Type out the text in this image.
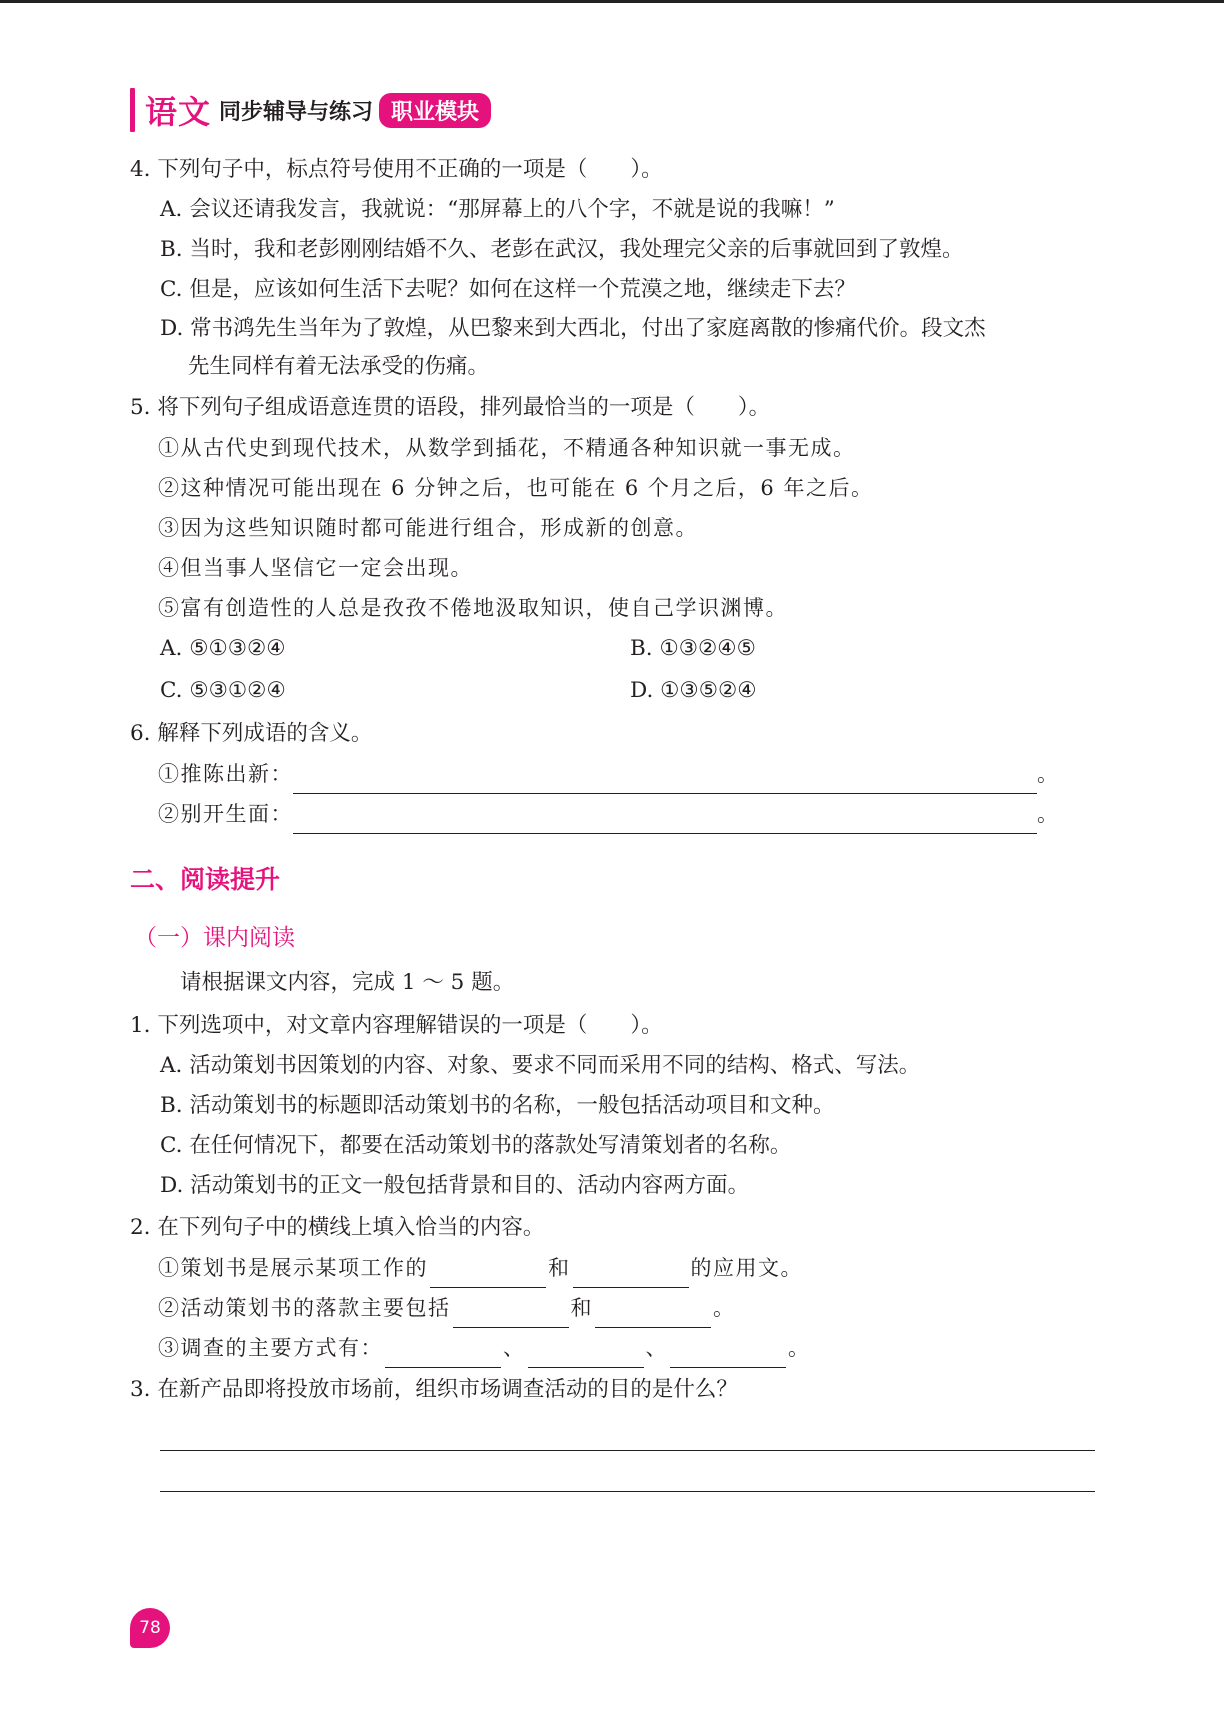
语文 同步辅导与练习 职业模块
4. 下列句子中，标点符号使用不正确的一项是（　　）。
A. 会议还请我发言，我就说：“那屏幕上的八个字，不就是说的我嘛！”
B. 当时，我和老彭刚刚结婚不久、老彭在武汉，我处理完父亲的后事就回到了敦煌。
C. 但是，应该如何生活下去呢？如何在这样一个荒漠之地，继续走下去？
D. 常书鸿先生当年为了敦煌，从巴黎来到大西北，付出了家庭离散的惨痛代价。段文杰
先生同样有着无法承受的伤痛。
5. 将下列句子组成语意连贯的语段，排列最恰当的一项是（　　）。
①从古代史到现代技术，从数学到插花，不精通各种知识就一事无成。
②这种情况可能出现在 6 分钟之后，也可能在 6 个月之后，6 年之后。
③因为这些知识随时都可能进行组合，形成新的创意。
④但当事人坚信它一定会出现。
⑤富有创造性的人总是孜孜不倦地汲取知识，使自己学识渊博。
A. ⑤①③②④	B. ①③②④⑤
C. ⑤③①②④	D. ①③⑤②④
6. 解释下列成语的含义。
①推陈出新：	。
②别开生面：	。
二、阅读提升
（一）课内阅读
请根据课文内容，完成 1 ～ 5 题。
1. 下列选项中，对文章内容理解错误的一项是（　　）。
A. 活动策划书因策划的内容、对象、要求不同而采用不同的结构、格式、写法。
B. 活动策划书的标题即活动策划书的名称，一般包括活动项目和文种。
C. 在任何情况下，都要在活动策划书的落款处写清策划者的名称。
D. 活动策划书的正文一般包括背景和目的、活动内容两方面。
2. 在下列句子中的横线上填入恰当的内容。
①策划书是展示某项工作的	和	的应用文。
②活动策划书的落款主要包括	和	。
③调查的主要方式有：	、	、	。
3. 在新产品即将投放市场前，组织市场调查活动的目的是什么？
78
